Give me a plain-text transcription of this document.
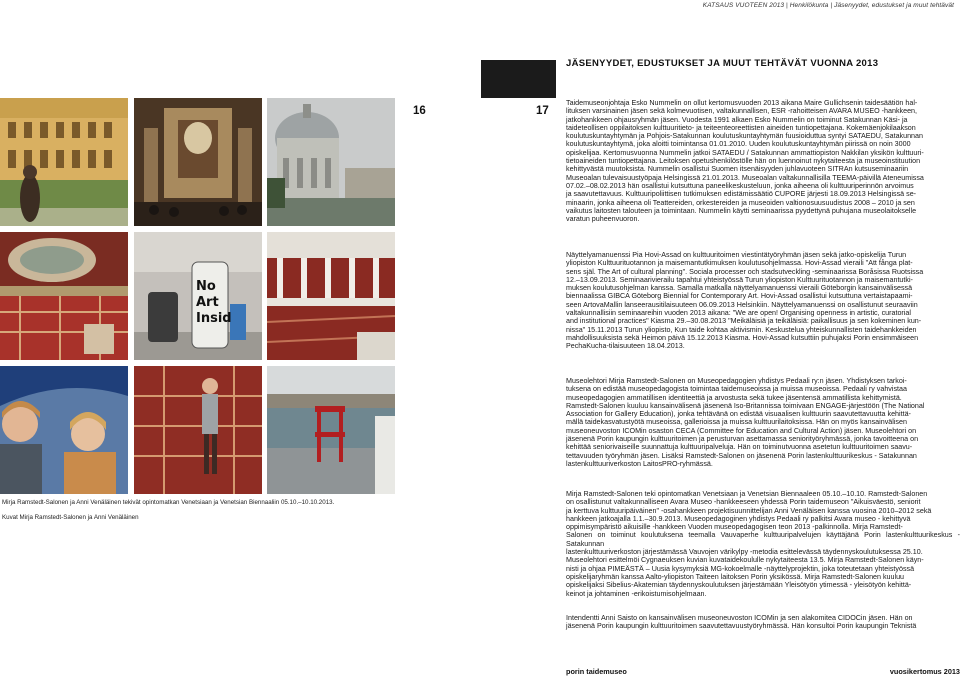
KATSAUS VUOTEEN 2013 | Henkilökunta | Jäsenyydet, edustukset ja muut tehtävät
JÄSENYYDET, EDUSTUKSET JA MUUT TEHTÄVÄT VUONNA 2013
16	17
No
Art
Insid
Mirja Ramstedt-Salonen ja Anni Venäläinen tekivät opintomatkan Venetsiaan ja Venetsian Biennaaliin 05.10.–10.10.2013.
Kuvat Mirja Ramstedt-Salonen ja Anni Venäläinen
Taidemuseonjohtaja Esko Nummelin on ollut kertomusvuoden 2013 aikana Maire Gullichsenin taidesäätiön hal-
lituksen varsinainen jäsen sekä kolmevuotisen, valtakunnallisen, ESR -rahoitteisen AVARA MUSEO -hankkeen,
jatkohankkeen ohjausryhmän jäsen. Vuodesta 1991 alkaen Esko Nummelin on toiminut Satakunnan Käsi- ja
taideteollisen oppilaitoksen kulttuuritieto- ja teiteenteoreettisten aineiden tuntiopettajana. Kokemäenjokilaakson
koulutuskuntayhtymän ja Pohjois-Satakunnan koulutuskuntayhtymän fuusioiduttua syntyi SATAEDU, Satakunnan
koulutuskuntayhtymä, joka aloitti toimintansa 01.01.2010. Uuden koulutuskuntayhtymän piirissä on noin 3000
opiskelijaa. Kertomusvuonna Nummelin jatkoi SATAEDU / Satakunnan ammattiopiston Nakkilan yksikön kulttuuri-
tietoaineiden tuntiopettajana. Leitoksen opetushenkilöstölle hän on luennoinut nykytaiteesta ja museoinstituution
kehittyvästä muutoksista. Nummelin osallistui Suomen itsenäisyyden juhlavuoteen SITRAn kutsuseminaariin
Museoalan tulevaisuustyöpaja Helsingissä 21.01.2013. Museoalan valtakunnallisilla TEEMA-päivillä Ateneumissa
07.02.–08.02.2013 hän osallistui kutsuttuna paneelikeskusteluun, jonka aiheena oli kulttuuriperinnön arvoimus
ja saavutettavuus. Kulttuuripoliittisen tutkimuksen edistämissäätiö CUPORE järjesti 18.09.2013 Helsingissä se-
minaarin, jonka aiheena oli Teattereiden, orkestereiden ja museoiden valtionosuusuudistus 2008 – 2010 ja sen
vaikutus laitosten talouteen ja toimintaan. Nummelin käytti seminaarissa pyydettynä puhujana museolaitokselle
varatun puheenvuoron.
Näyttelyamanuenssi Pia Hovi-Assad on kulttuuritoimen viestintätyöryhmän jäsen sekä jatko-opiskelija Turun
yliopiston Kulttuurituotannon ja maisemantutkimuksen koulutusohjelmassa. Hovi-Assad vieraili "Att fånga plat-
sens själ. The Art of cultural planning". Sociala processer och stadsutveckling -seminaarissa Boråsissa Ruotsissa
12.–13.09.2013. Seminaarivierailu tapahtui yhteistyössä Turun yliopiston Kulttuurituotannon ja maisemantutki-
muksen koulutusohjelman kanssa. Samalla matkalla näyttelyamanuenssi vieraili Göteborgin kansainvälisessä
biennaalissa GIBCA Göteborg Biennial for Contemporary Art. Hovi-Assad osallistui kutsuttuna vertaistapaami-
seen ArtovaMallin lanseerausitilaisuuteen 06.09.2013 Helsinkiin. Näyttelyamanuenssi on osallistunut seuraaviin
valtakunnallisiin seminaareihin vuoden 2013 aikana: "We are open! Organising openness in artistic, curatorial
and institutional practices" Kiasma 29.–30.08.2013 "Meikäläisiä ja teikäläisiä: paikallisuus ja sen kokeminen kun-
nissa" 15.11.2013 Turun yliopisto, Kun taide kohtaa aktivismin. Keskustelua yhteiskunnallisten taidehankkeiden
mahdollisuuksista sekä Heimon päivä 15.12.2013 Kiasma. Hovi-Assad kutsuttiin puhujaksi Porin ensimmäiseen
PechaKucha-tilaisuuteen 18.04.2013.
Museolehtori Mirja Ramstedt-Salonen on Museopedagogien yhdistys Pedaali ry:n jäsen. Yhdistyksen tarkoi-
tuksena on edistää museopedagogista toimintaa taidemuseoissa ja muissa museoissa. Pedaali ry vahvistaa
museopedagogien ammatillisen identiteettiä ja arvostusta sekä tukee jäsentensä ammatillista kehittymistä.
Ramstedt-Salonen kuuluu kansainvälisenä jäsenenä Iso-Britannissa toimivaan ENGAGE-järjestöön (The National
Association for Gallery Education), jonka tehtävänä on edistää visuaalisen kulttuurin saavutettavuutta kehittä-
mällä taidekasvatustyötä museoissa, gallerioissa ja muissa kulttuurilaitoksissa. Hän on myös kansainvälisen
museoneuvoston ICOMin osaston CECA (Committee for Education and Cultural Action) jäsen. Museolehtori on
jäsenenä Porin kaupungin kulttuuritoimen ja perusturvan asettamassa seniorityöryhmässä, jonka tavoitteena on
kehittää seniorivaiseille suunnattuja kulttuuripalveluja. Hän on toiminutvuonna asetetun kulttuuritoimen saavu-
tettavuuden työryhmän jäsen. Lisäksi Ramstedt-Salonen on jäsenenä Porin lastenkulttuurikeskus - Satakunnan
lastenkulttuuriverkoston LaitosPRO-ryhmässä.
Mirja Ramstedt-Salonen teki opintomatkan Venetsiaan ja Venetsian Biennaaleen 05.10.–10.10. Ramstedt-Salonen
on osallistunut valtakunnalliseen Avara Museo -hankkeeseen yhdessä Porin taidemuseon "Aikuisväestö, seniorit
ja kerttuva kulttuuripäiväinen" -osahankkeen projektisuunnittelijan Anni Venäläisen kanssa vuosina 2010–2012 sekä
hankkeen jatkoajalla 1.1.–30.9.2013. Museopedagoginen yhdistys Pedaali ry palkitsi Avara museo - kehittyvä
oppimisympäristö aikuisille -hankkeen Vuoden museopedagogisen teon 2013 -palkinnolla. Mirja Ramstedt-
Salonen on toiminut koulutuksena teemalla Vauvaperhe kulttuuripalvelujen käyttäjänä Porin lastenkulttuurikeskus - Satakunnan
lastenkulttuuriverkoston järjestämässä Vauvojen värikylpy -metodia esittelevässä täydennyskoulutuksessa 25.10.
Museolehtori esittelmöi Cygnaeuksen kuvian kuvataidekoululle nykytaiteesta 13.5. Mirja Ramstedt-Salonen käyn-
nisti ja ohjaa PIMEÄSTÄ – Uusia kysymyksiä MG-kokoelmalle -näyttelyprojektin, joka toteutetaan yhteistyössä
opiskelijaryhmän kanssa Aalto-yliopiston Taiteen laitoksen Porin yksikössä. Mirja Ramstedt-Salonen kuuluu
opiskelijaksi Sibelius-Akatemian täydennyskoulutuksen järjestämään Yleisötyön ytimessä - yleisötyön kehittä-
keinot ja johtaminen -erikoistumisohjelmaan.
Intendentti Anni Saisto on kansainvälisen museoneuvoston ICOMin ja sen alakomitea CIDOCin jäsen. Hän on
jäsenenä Porin kaupungin kulttuuritoimen saavutettavuustyöryhmässä. Hän konsultoi Porin kaupungin Teknistä
porin taidemuseo	vuosikertomus 2013
